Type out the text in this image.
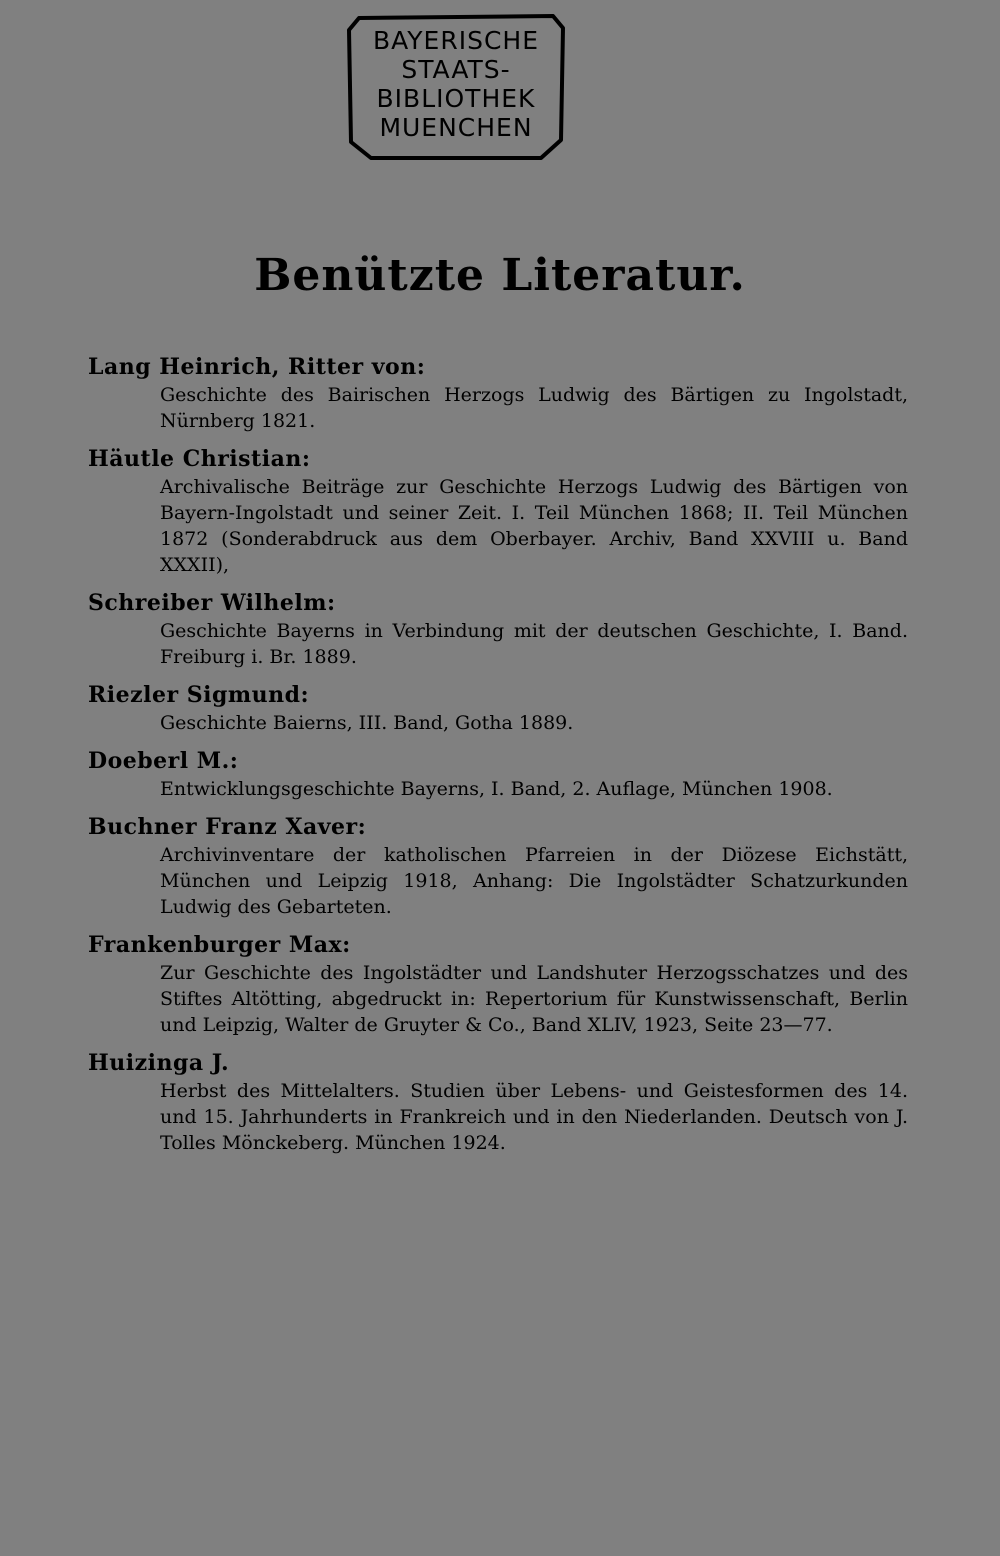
BAYERISCHE
STAATS-
BIBLIOTHEK
MUENCHEN
Benützte Literatur.
Lang Heinrich, Ritter von:
Geschichte des Bairischen Herzogs Ludwig des Bärtigen zu Ingolstadt, Nürnberg 1821.
Häutle Christian:
Archivalische Beiträge zur Geschichte Herzogs Ludwig des Bärtigen von Bayern-Ingolstadt und seiner Zeit. I. Teil München 1868; II. Teil München 1872 (Sonderabdruck aus dem Oberbayer. Archiv, Band XXVIII u. Band XXXII),
Schreiber Wilhelm:
Geschichte Bayerns in Verbindung mit der deutschen Geschichte, I. Band. Freiburg i. Br. 1889.
Riezler Sigmund:
Geschichte Baierns, III. Band, Gotha 1889.
Doeberl M.:
Entwicklungsgeschichte Bayerns, I. Band, 2. Auflage, München 1908.
Buchner Franz Xaver:
Archivinventare der katholischen Pfarreien in der Diözese Eichstätt, München und Leipzig 1918, Anhang: Die Ingolstädter Schatzurkunden Ludwig des Gebarteten.
Frankenburger Max:
Zur Geschichte des Ingolstädter und Landshuter Herzogsschatzes und des Stiftes Altötting, abgedruckt in: Repertorium für Kunstwissenschaft, Berlin und Leipzig, Walter de Gruyter & Co., Band XLIV, 1923, Seite 23—77.
Huizinga J.
Herbst des Mittelalters. Studien über Lebens- und Geistesformen des 14. und 15. Jahrhunderts in Frankreich und in den Niederlanden. Deutsch von J. Tolles Mönckeberg. München 1924.
